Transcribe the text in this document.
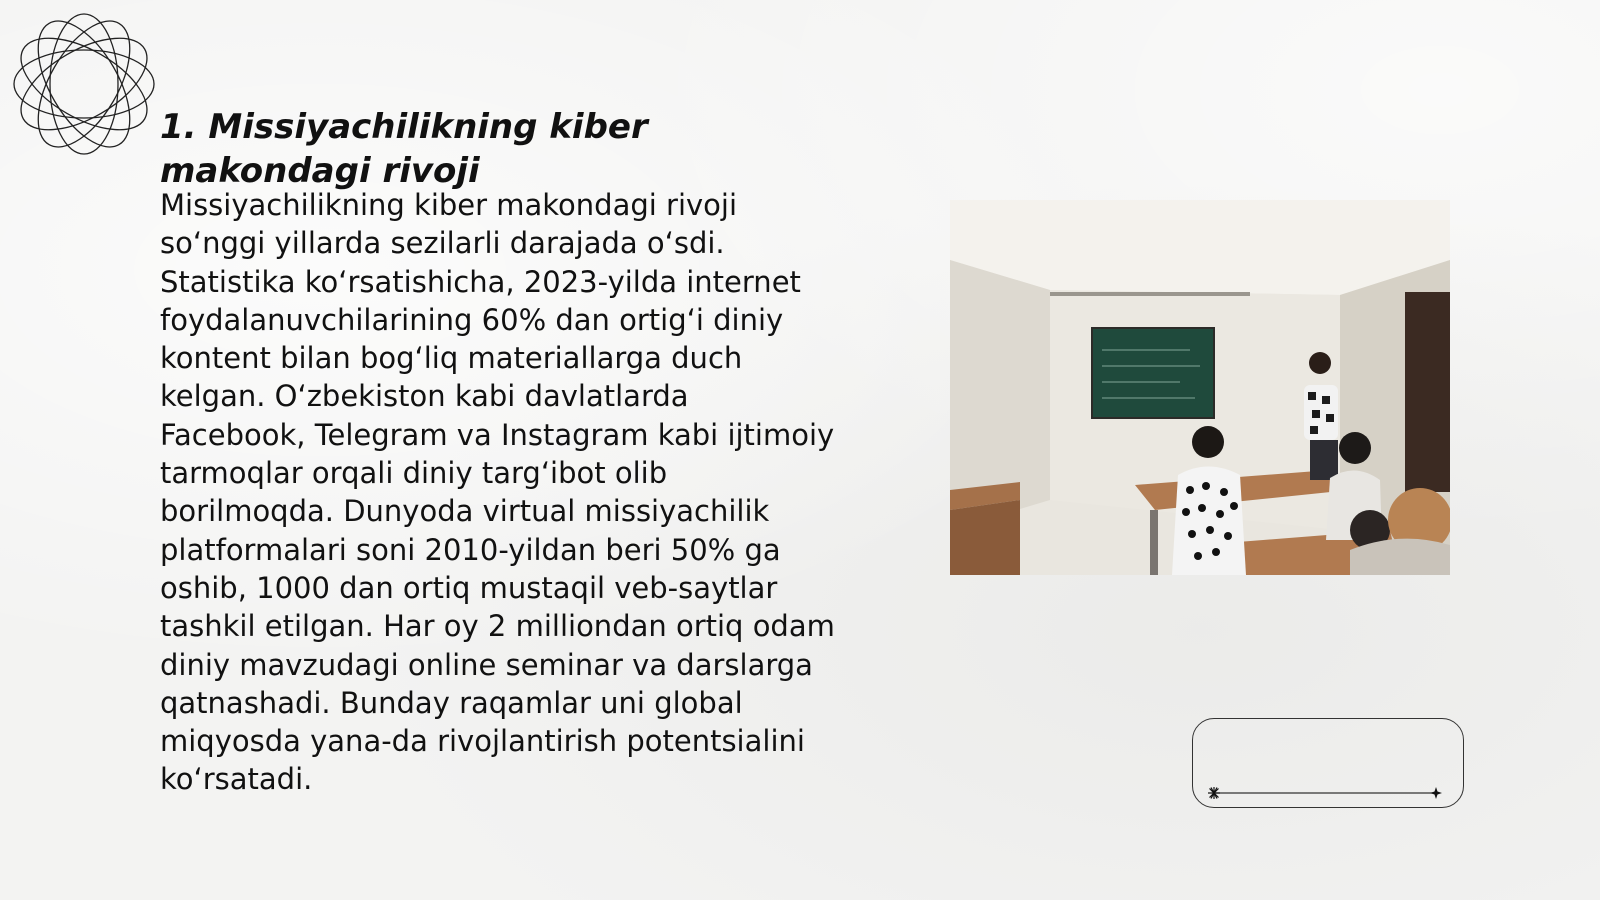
1. Missiyachilikning kiber makondagi rivoji

Missiyachilikning kiber makondagi rivoji so‘nggi yillarda sezilarli darajada o‘sdi. Statistika ko‘rsatishicha, 2023-yilda internet foydalanuvchilarining 60% dan ortig‘i diniy kontent bilan bog‘liq materiallarga duch kelgan. O‘zbekiston kabi davlatlarda Facebook, Telegram va Instagram kabi ijtimoiy tarmoqlar orqali diniy targ‘ibot olib borilmoqda. Dunyoda virtual missiyachilik platformalari soni 2010-yildan beri 50% ga oshib, 1000 dan ortiq mustaqil veb-saytlar tashkil etilgan. Har oy 2 milliondan ortiq odam diniy mavzudagi online seminar va darslarga qatnashadi. Bunday raqamlar uni global miqyosda yana-da rivojlantirish potentsialini ko‘rsatadi.
